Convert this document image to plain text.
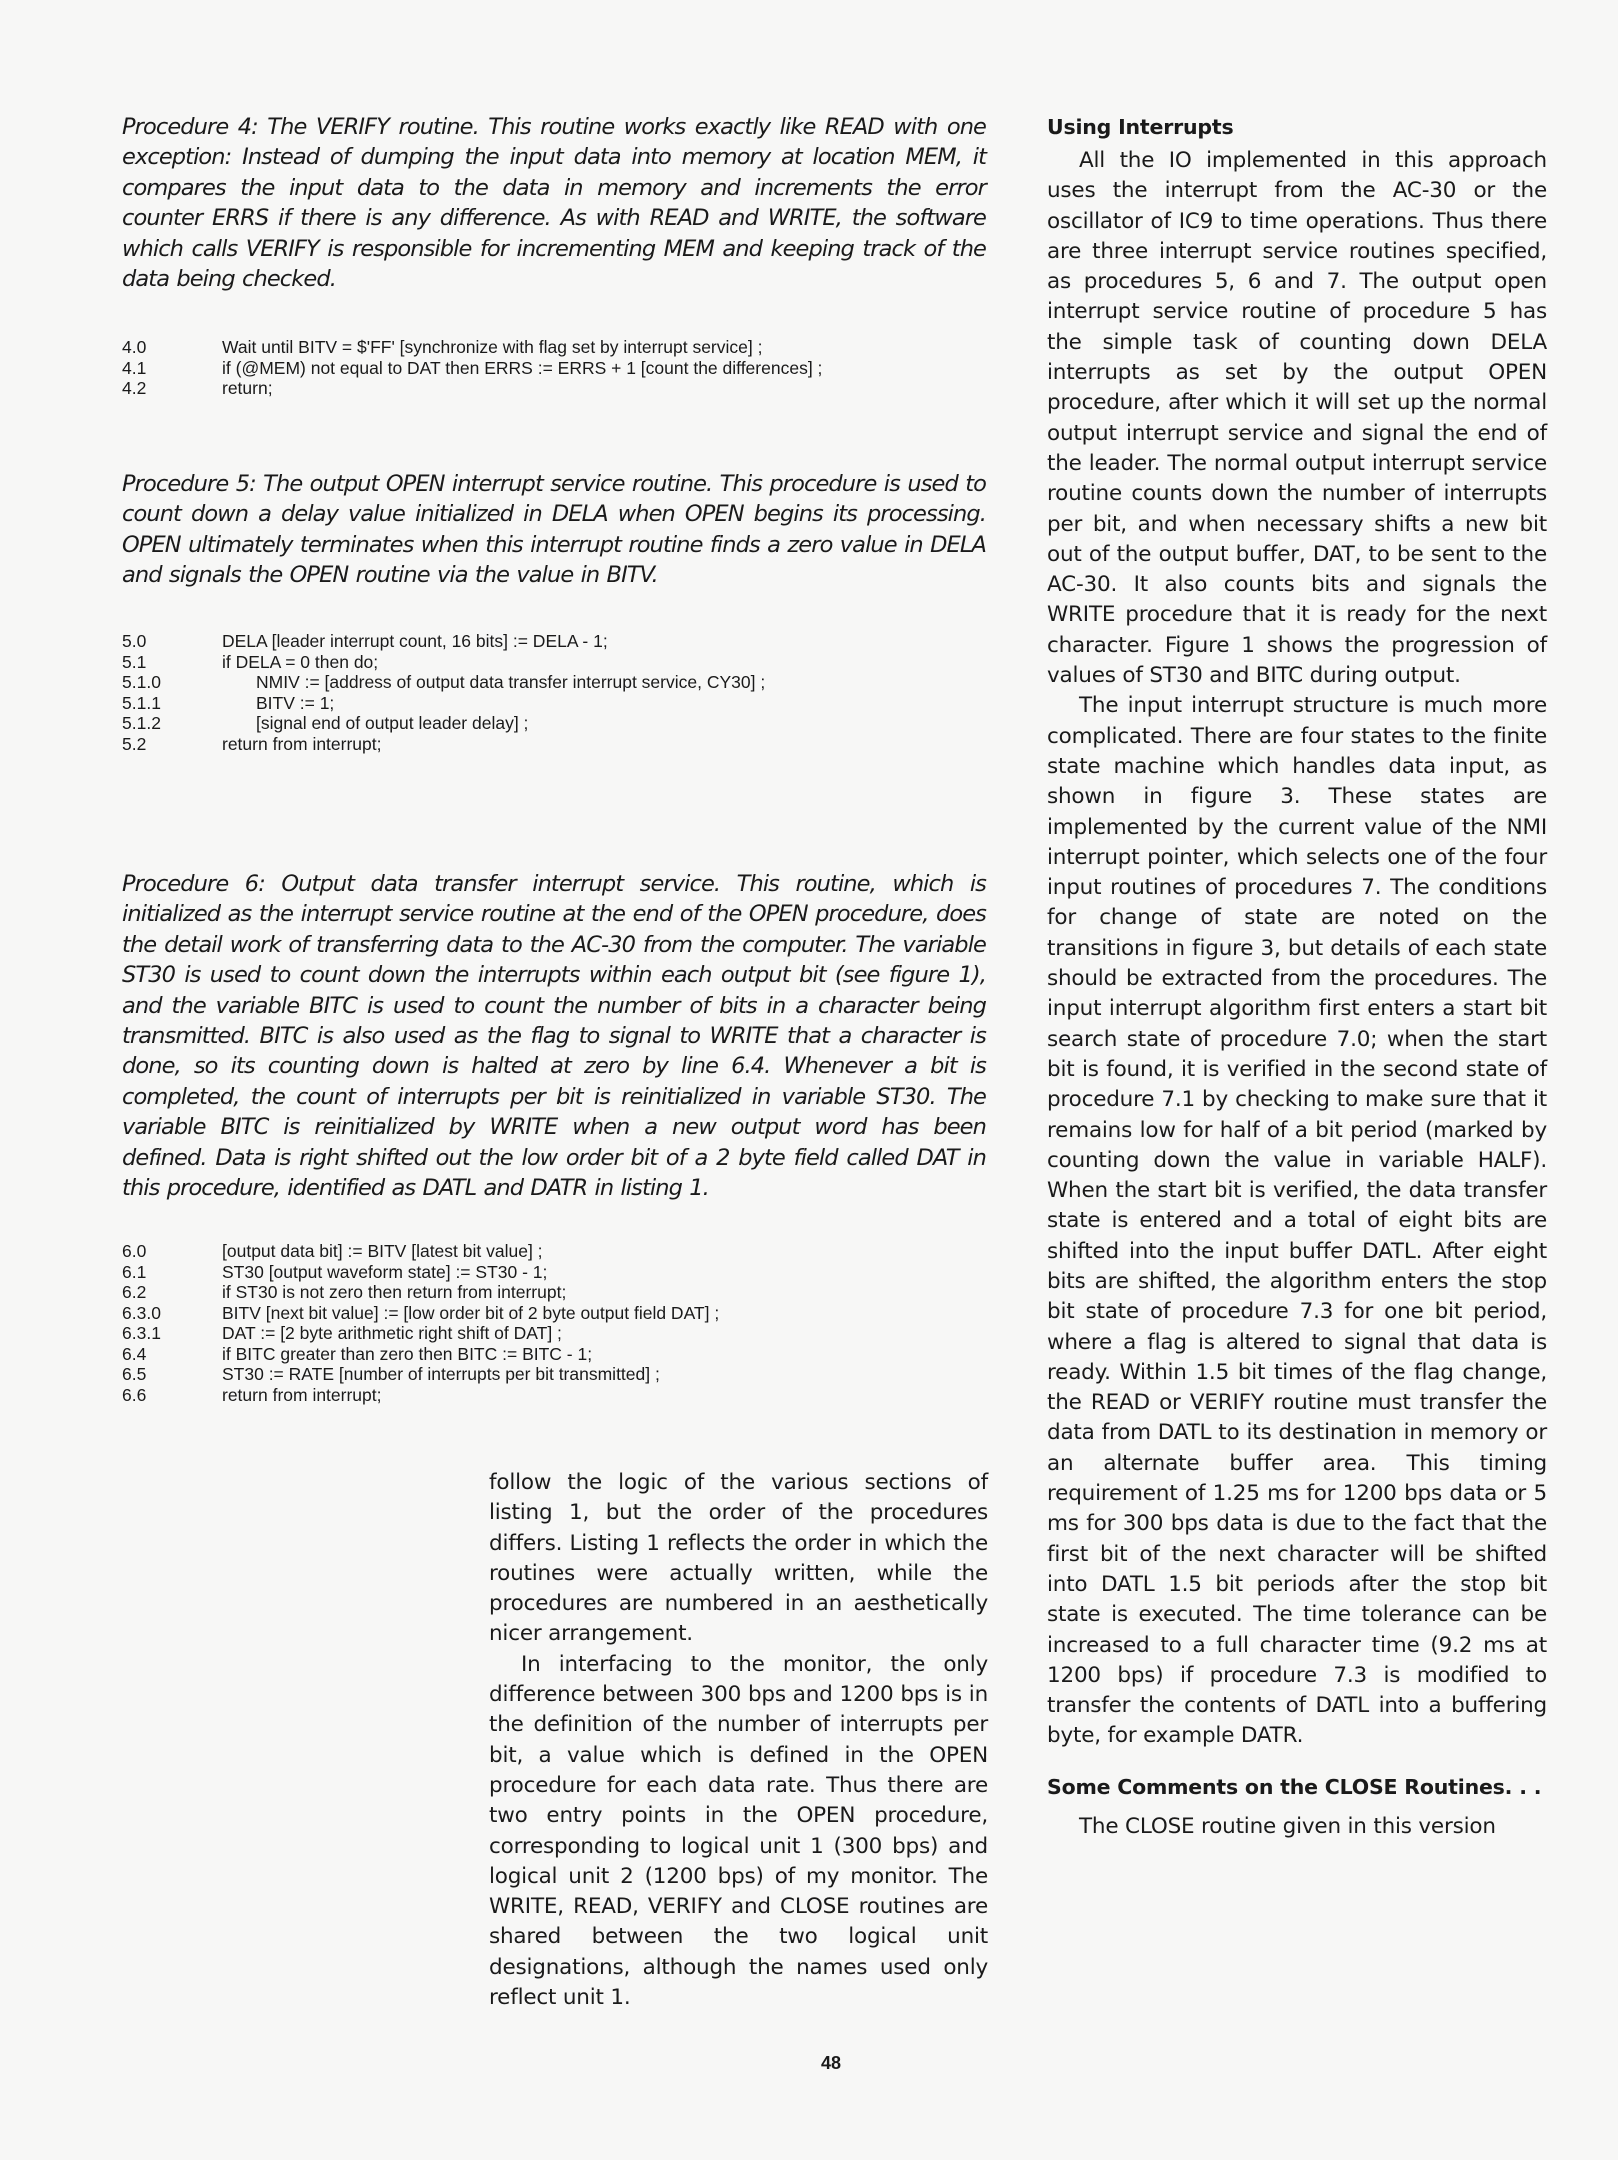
Procedure 4: The VERIFY routine. This routine works exactly like READ with one exception: Instead of dumping the input data into memory at location MEM, it compares the input data to the data in memory and increments the error counter ERRS if there is any difference. As with READ and WRITE, the software which calls VERIFY is responsible for incrementing MEM and keeping track of the data being checked.

4.0	Wait until BITV = $'FF' [synchronize with flag set by interrupt service] ;
4.1	if (@MEM) not equal to DAT then ERRS := ERRS + 1 [count the differences] ;
4.2	return;

Procedure 5: The output OPEN interrupt service routine. This procedure is used to count down a delay value initialized in DELA when OPEN begins its processing. OPEN ultimately terminates when this interrupt routine finds a zero value in DELA and signals the OPEN routine via the value in BITV.

5.0	DELA [leader interrupt count, 16 bits] := DELA - 1;
5.1	if DELA = 0 then do;
5.1.0	NMIV := [address of output data transfer interrupt service, CY30] ;
5.1.1	BITV := 1;
5.1.2	[signal end of output leader delay] ;
5.2	return from interrupt;

Procedure 6: Output data transfer interrupt service. This routine, which is initialized as the interrupt service routine at the end of the OPEN procedure, does the detail work of transferring data to the AC-30 from the computer. The variable ST30 is used to count down the interrupts within each output bit (see figure 1), and the variable BITC is used to count the number of bits in a character being transmitted. BITC is also used as the flag to signal to WRITE that a character is done, so its counting down is halted at zero by line 6.4. Whenever a bit is completed, the count of interrupts per bit is reinitialized in variable ST30. The variable BITC is reinitialized by WRITE when a new output word has been defined. Data is right shifted out the low order bit of a 2 byte field called DAT in this procedure, identified as DATL and DATR in listing 1.

6.0	[output data bit] := BITV [latest bit value] ;
6.1	ST30 [output waveform state] := ST30 - 1;
6.2	if ST30 is not zero then return from interrupt;
6.3.0	BITV [next bit value] := [low order bit of 2 byte output field DAT] ;
6.3.1	DAT := [2 byte arithmetic right shift of DAT] ;
6.4	if BITC greater than zero then BITC := BITC - 1;
6.5	ST30 := RATE [number of interrupts per bit transmitted] ;
6.6	return from interrupt;

follow the logic of the various sections of listing 1, but the order of the procedures differs. Listing 1 reflects the order in which the routines were actually written, while the procedures are numbered in an aesthetically nicer arrangement.

In interfacing to the monitor, the only difference between 300 bps and 1200 bps is in the definition of the number of interrupts per bit, a value which is defined in the OPEN procedure for each data rate. Thus there are two entry points in the OPEN procedure, corresponding to logical unit 1 (300 bps) and logical unit 2 (1200 bps) of my monitor. The WRITE, READ, VERIFY and CLOSE routines are shared between the two logical unit designations, although the names used only reflect unit 1.

Using Interrupts

All the IO implemented in this approach uses the interrupt from the AC-30 or the oscillator of IC9 to time operations. Thus there are three interrupt service routines specified, as procedures 5, 6 and 7. The output open interrupt service routine of procedure 5 has the simple task of counting down DELA interrupts as set by the output OPEN procedure, after which it will set up the normal output interrupt service and signal the end of the leader. The normal output interrupt service routine counts down the number of interrupts per bit, and when necessary shifts a new bit out of the output buffer, DAT, to be sent to the AC-30. It also counts bits and signals the WRITE procedure that it is ready for the next character. Figure 1 shows the progression of values of ST30 and BITC during output.

The input interrupt structure is much more complicated. There are four states to the finite state machine which handles data input, as shown in figure 3. These states are implemented by the current value of the NMI interrupt pointer, which selects one of the four input routines of procedures 7. The conditions for change of state are noted on the transitions in figure 3, but details of each state should be extracted from the procedures. The input interrupt algorithm first enters a start bit search state of procedure 7.0; when the start bit is found, it is verified in the second state of procedure 7.1 by checking to make sure that it remains low for half of a bit period (marked by counting down the value in variable HALF). When the start bit is verified, the data transfer state is entered and a total of eight bits are shifted into the input buffer DATL. After eight bits are shifted, the algorithm enters the stop bit state of procedure 7.3 for one bit period, where a flag is altered to signal that data is ready. Within 1.5 bit times of the flag change, the READ or VERIFY routine must transfer the data from DATL to its destination in memory or an alternate buffer area. This timing requirement of 1.25 ms for 1200 bps data or 5 ms for 300 bps data is due to the fact that the first bit of the next character will be shifted into DATL 1.5 bit periods after the stop bit state is executed. The time tolerance can be increased to a full character time (9.2 ms at 1200 bps) if procedure 7.3 is modified to transfer the contents of DATL into a buffering byte, for example DATR.

Some Comments on the CLOSE Routines. . .

The CLOSE routine given in this version

48
